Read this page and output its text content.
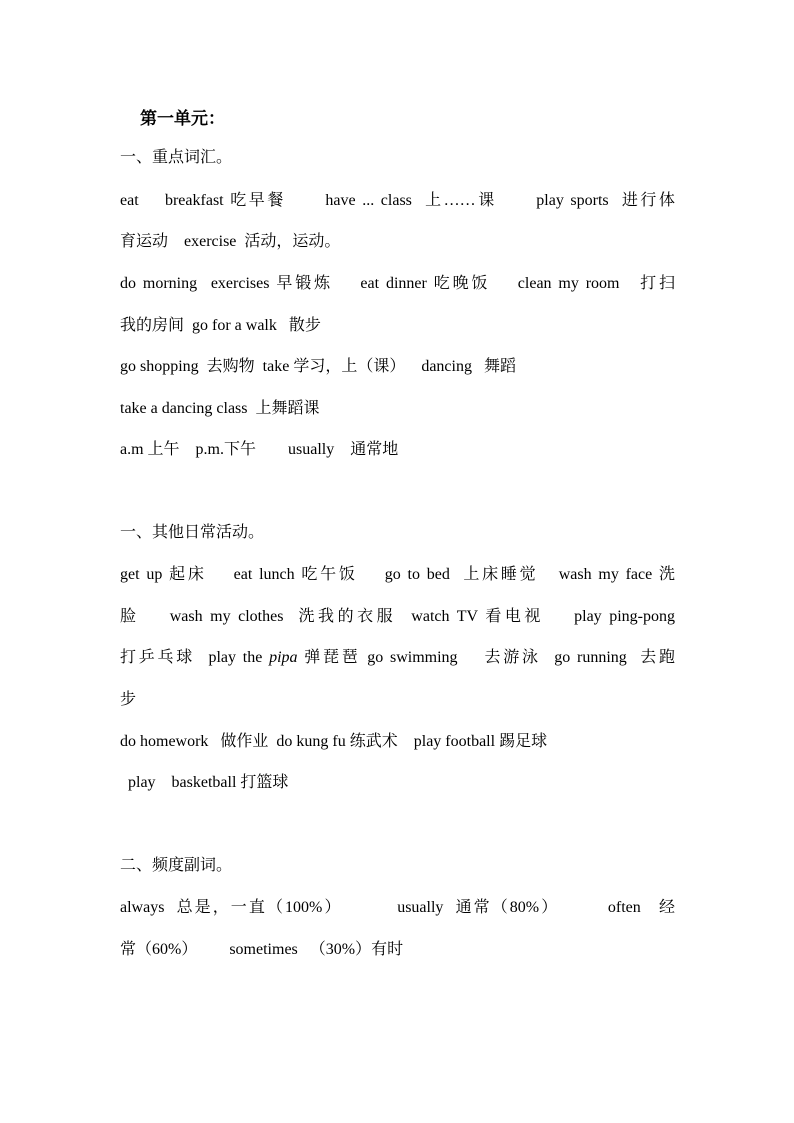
第一单元：
一、重点词汇。
eat    breakfast 吃早餐      have ... class  上……课      play sports  进行体
育运动    exercise  活动，运动。
do morning  exercises 早锻炼    eat dinner 吃晚饭    clean my room   打扫
我的房间  go for a walk   散步
go shopping  去购物  take 学习，上（课）    dancing   舞蹈
take a dancing class  上舞蹈课
a.m 上午    p.m.下午        usually    通常地
一、其他日常活动。
get up 起床    eat lunch 吃午饭    go to bed  上床睡觉   wash my face 洗
脸    wash my clothes  洗我的衣服  watch TV 看电视    play ping-pong
打乒乓球  play the pipa 弹琵琶 go swimming    去游泳  go running  去跑
步
do homework   做作业  do kung fu 练武术    play football 踢足球
play    basketball 打篮球
二、频度副词。
always  总是，一直（100%）         usually  通常（80%）        often   经
常（60%）        sometimes   （30%）有时
